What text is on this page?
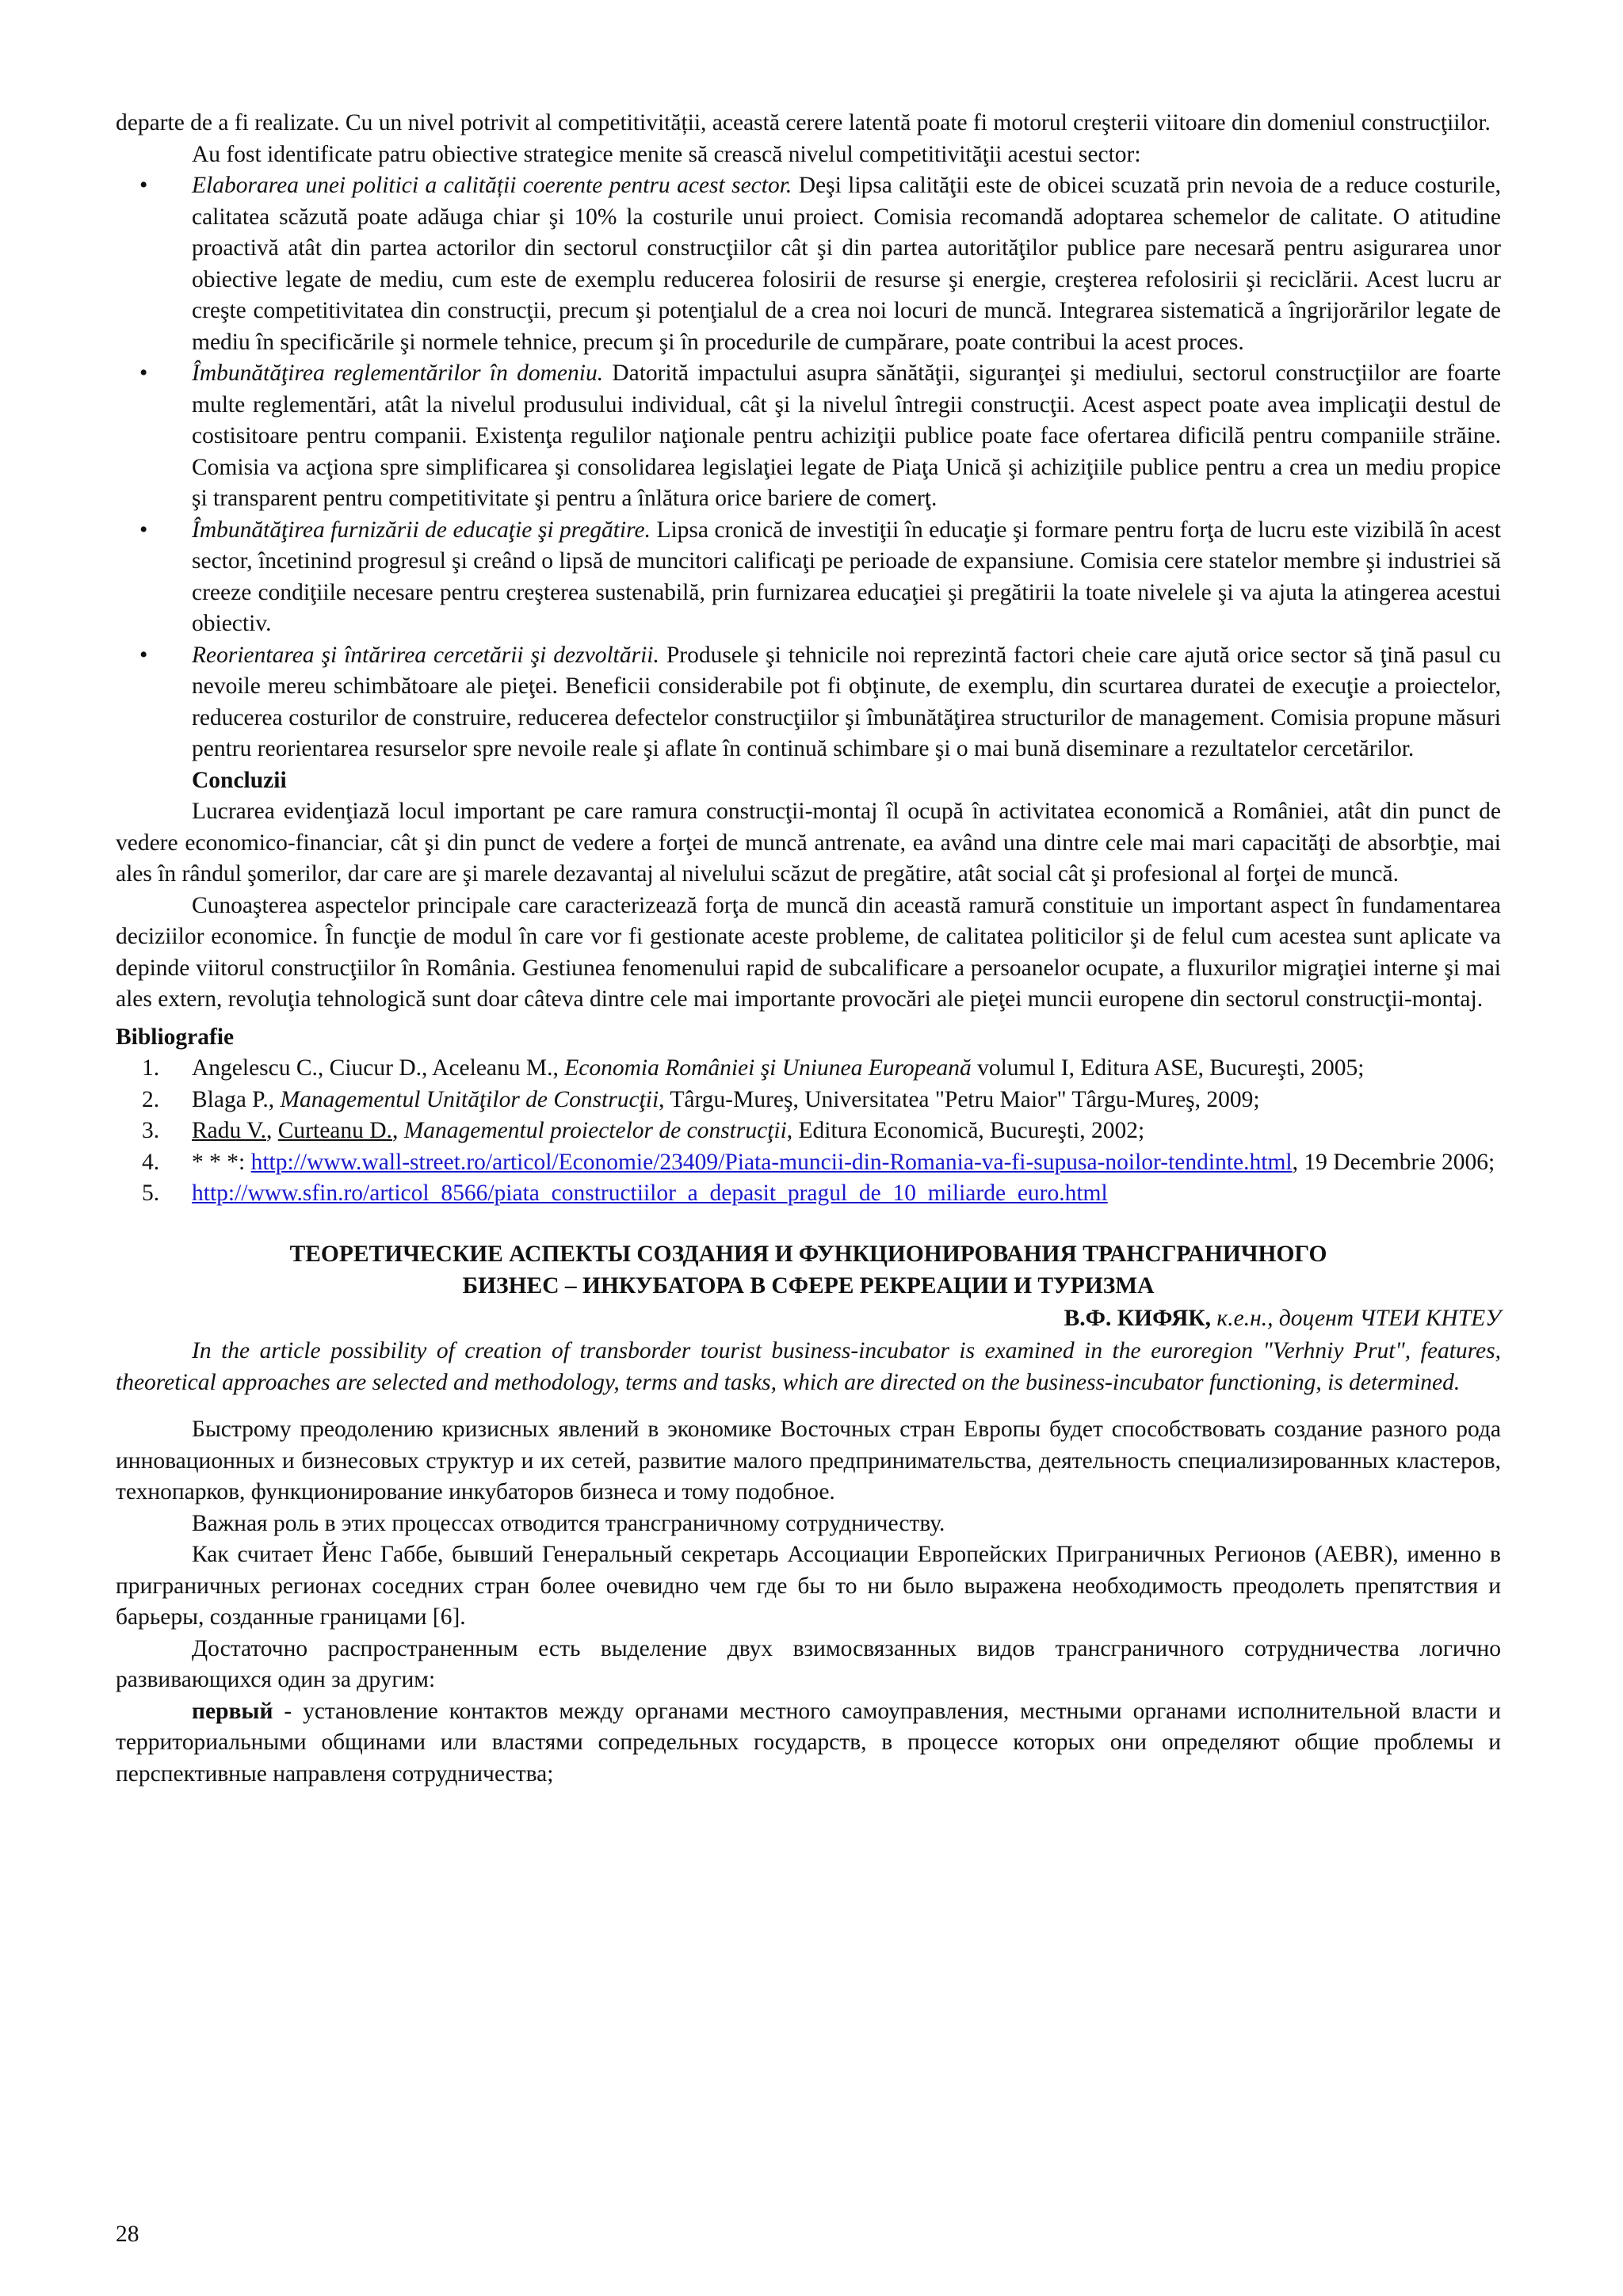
departe de a fi realizate. Cu un nivel potrivit al competitivității, această cerere latentă poate fi motorul creşterii viitoare din domeniul construcţiilor.

Au fost identificate patru obiective strategice menite să crească nivelul competitivităţii acestui sector:

• Elaborarea unei politici a calității coerente pentru acest sector. Deşi lipsa calităţii este de obicei scuzată prin nevoia de a reduce costurile, calitatea scăzută poate adăuga chiar şi 10% la costurile unui proiect. Comisia recomandă adoptarea schemelor de calitate. O atitudine proactivă atât din partea actorilor din sectorul construcţiilor cât şi din partea autorităţilor publice pare necesară pentru asigurarea unor obiective legate de mediu, cum este de exemplu reducerea folosirii de resurse şi energie, creşterea refolosirii şi reciclării. Acest lucru ar creşte competitivitatea din construcţii, precum şi potenţialul de a crea noi locuri de muncă. Integrarea sistematică a îngrijorărilor legate de mediu în specificările şi normele tehnice, precum şi în procedurile de cumpărare, poate contribui la acest proces.
• Îmbunătăţirea reglementărilor în domeniu. Datorită impactului asupra sănătăţii, siguranţei şi mediului, sectorul construcţiilor are foarte multe reglementări, atât la nivelul produsului individual, cât şi la nivelul întregii construcţii. Acest aspect poate avea implicaţii destul de costisitoare pentru companii. Existenţa regulilor naţionale pentru achiziţii publice poate face ofertarea dificilă pentru companiile străine. Comisia va acţiona spre simplificarea şi consolidarea legislaţiei legate de Piaţa Unică şi achiziţiile publice pentru a crea un mediu propice şi transparent pentru competitivitate şi pentru a înlătura orice bariere de comerţ.
• Îmbunătăţirea furnizării de educaţie şi pregătire. Lipsa cronică de investiţii în educaţie şi formare pentru forţa de lucru este vizibilă în acest sector, încetinind progresul şi creând o lipsă de muncitori calificaţi pe perioade de expansiune. Comisia cere statelor membre şi industriei să creeze condiţiile necesare pentru creşterea sustenabilă, prin furnizarea educaţiei şi pregătirii la toate nivelele şi va ajuta la atingerea acestui obiectiv.
• Reorientarea şi întărirea cercetării şi dezvoltării. Produsele şi tehnicile noi reprezintă factori cheie care ajută orice sector să ţină pasul cu nevoile mereu schimbătoare ale pieţei. Beneficii considerabile pot fi obţinute, de exemplu, din scurtarea duratei de execuţie a proiectelor, reducerea costurilor de construire, reducerea defectelor construcţiilor şi îmbunătăţirea structurilor de management. Comisia propune măsuri pentru reorientarea resurselor spre nevoile reale şi aflate în continuă schimbare şi o mai bună diseminare a rezultatelor cercetărilor.
Concluzii

Lucrarea evidenţiază locul important pe care ramura construcţii-montaj îl ocupă în activitatea economică a României, atât din punct de vedere economico-financiar, cât şi din punct de vedere a forţei de muncă antrenate, ea având una dintre cele mai mari capacităţi de absorbţie, mai ales în rândul şomerilor, dar care are şi marele dezavantaj al nivelului scăzut de pregătire, atât social cât şi profesional al forţei de muncă.

Cunoaşterea aspectelor principale care caracterizează forţa de muncă din această ramură constituie un important aspect în fundamentarea deciziilor economice. În funcţie de modul în care vor fi gestionate aceste probleme, de calitatea politicilor şi de felul cum acestea sunt aplicate va depinde viitorul construcţiilor în România. Gestiunea fenomenului rapid de subcalificare a persoanelor ocupate, a fluxurilor migraţiei interne şi mai ales extern, revoluţia tehnologică sunt doar câteva dintre cele mai importante provocări ale pieţei muncii europene din sectorul construcţii-montaj.

Bibliografie
1. Angelescu C., Ciucur D., Aceleanu M., Economia României şi Uniunea Europeană volumul I, Editura ASE, Bucureşti, 2005;
2. Blaga P., Managementul Unităţilor de Construcţii, Târgu-Mureş, Universitatea "Petru Maior" Târgu-Mureş, 2009;
3. Radu V., Curteanu D., Managementul proiectelor de construcţii, Editura Economică, Bucureşti, 2002;
4. * * *: http://www.wall-street.ro/articol/Economie/23409/Piata-muncii-din-Romania-va-fi-supusa-noilor-tendinte.html, 19 Decembrie 2006;
5. http://www.sfin.ro/articol_8566/piata_constructiilor_a_depasit_pragul_de_10_miliarde_euro.html
ТЕОРЕТИЧЕСКИЕ АСПЕКТЫ СОЗДАНИЯ И ФУНКЦИОНИРОВАНИЯ ТРАНСГРАНИЧНОГО
БИЗНЕС – ИНКУБАТОРА В СФЕРЕ РЕКРЕАЦИИ И ТУРИЗМА
В.Ф. КИФЯК, к.е.н., доцент ЧТЕИ КНТЕУ

In the article possibility of creation of transborder tourist business-incubator is examined in the euroregion "Verhniy Prut", features, theoretical approaches are selected and methodology, terms and tasks, which are directed on the business-incubator functioning, is determined.

Быстрому преодолению кризисных явлений в экономике Восточных стран Европы будет способствовать создание разного рода инновационных и бизнесовых структур и их сетей, развитие малого предпринимательства, деятельность специализированных кластеров, технопарков, функционирование инкубаторов бизнеса и тому подобное.

Важная роль в этих процессах отводится трансграничному сотрудничеству.

Как считает Йенс Габбе, бывший Генеральный секретарь Ассоциации Европейских Приграничных Регионов (AEBR), именно в приграничных регионах соседних стран более очевидно чем где бы то ни было выражена необходимость преодолеть препятствия и барьеры, созданные границами [6].

Достаточно распространенным есть выделение двух взимосвязанных видов трансграничного сотрудничества логично развивающихся один за другим:

первый - установление контактов между органами местного самоуправления, местными органами исполнительной власти и территориальными общинами или властями сопредельных государств, в процессе которых они определяют общие проблемы и перспективные направленя сотрудничества;

28
